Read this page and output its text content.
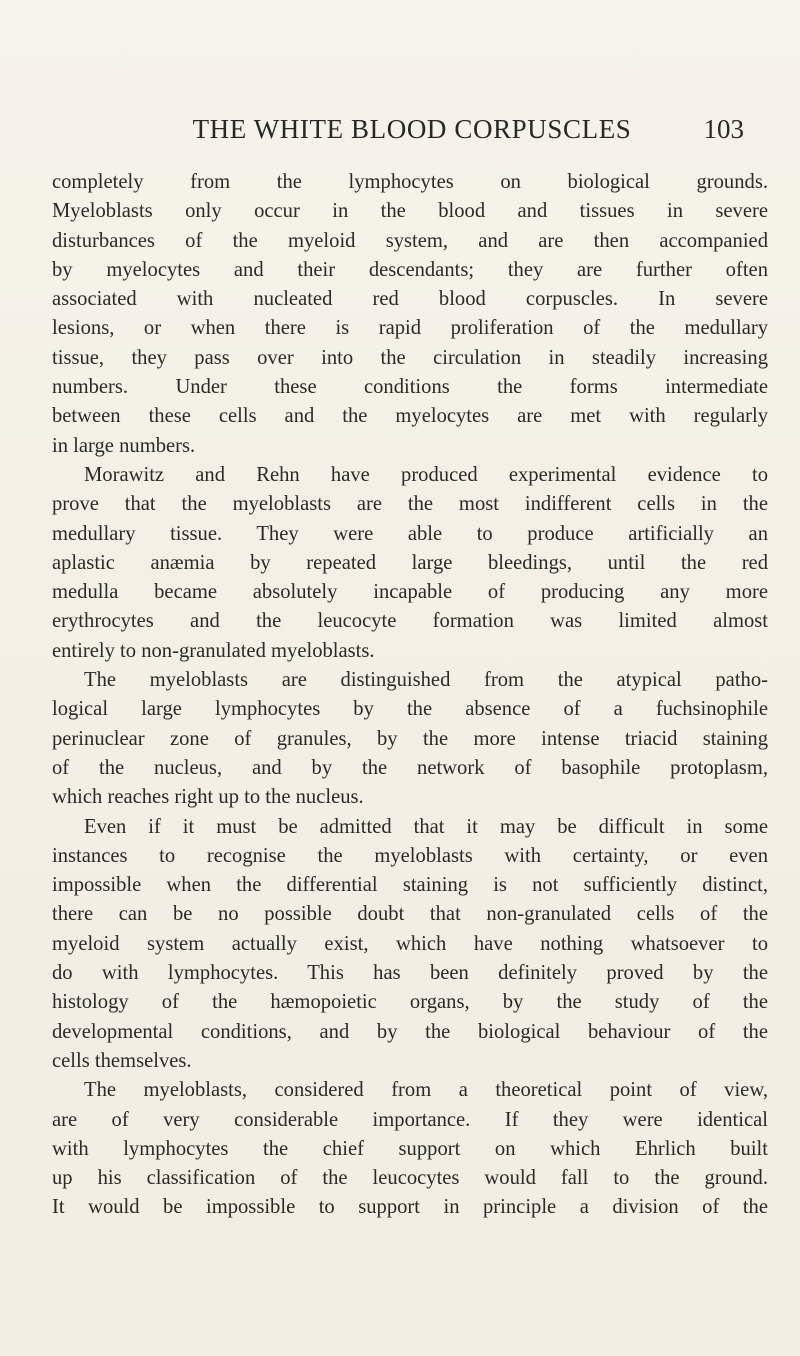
THE WHITE BLOOD CORPUSCLES	103
completely from the lymphocytes on biological grounds.
Myeloblasts only occur in the blood and tissues in severe
disturbances of the myeloid system, and are then accompanied
by myelocytes and their descendants; they are further often
associated with nucleated red blood corpuscles. In severe
lesions, or when there is rapid proliferation of the medullary
tissue, they pass over into the circulation in steadily increasing
numbers. Under these conditions the forms intermediate
between these cells and the myelocytes are met with regularly
in large numbers.
Morawitz and Rehn have produced experimental evidence to
prove that the myeloblasts are the most indifferent cells in the
medullary tissue. They were able to produce artificially an
aplastic anæmia by repeated large bleedings, until the red
medulla became absolutely incapable of producing any more
erythrocytes and the leucocyte formation was limited almost
entirely to non-granulated myeloblasts.
The myeloblasts are distinguished from the atypical patho-
logical large lymphocytes by the absence of a fuchsinophile
perinuclear zone of granules, by the more intense triacid staining
of the nucleus, and by the network of basophile protoplasm,
which reaches right up to the nucleus.
Even if it must be admitted that it may be difficult in some
instances to recognise the myeloblasts with certainty, or even
impossible when the differential staining is not sufficiently distinct,
there can be no possible doubt that non-granulated cells of the
myeloid system actually exist, which have nothing whatsoever to
do with lymphocytes. This has been definitely proved by the
histology of the hæmopoietic organs, by the study of the
developmental conditions, and by the biological behaviour of the
cells themselves.
The myeloblasts, considered from a theoretical point of view,
are of very considerable importance. If they were identical
with lymphocytes the chief support on which Ehrlich built
up his classification of the leucocytes would fall to the ground.
It would be impossible to support in principle a division of the
